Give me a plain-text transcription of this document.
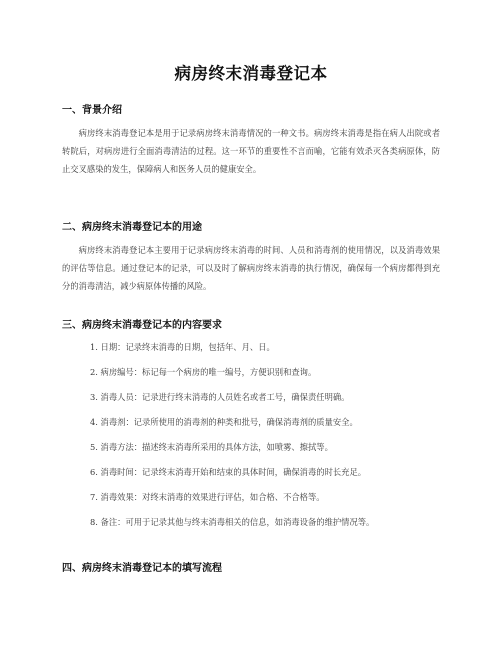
病房终末消毒登记本
一、背景介绍

病房终末消毒登记本是用于记录病房终末消毒情况的一种文书。病房终末消毒是指在病人出院或者转院后，对病房进行全面消毒清洁的过程。这一环节的重要性不言而喻，它能有效杀灭各类病原体，防止交叉感染的发生，保障病人和医务人员的健康安全。

二、病房终末消毒登记本的用途

病房终末消毒登记本主要用于记录病房终末消毒的时间、人员和消毒剂的使用情况，以及消毒效果的评估等信息。通过登记本的记录，可以及时了解病房终末消毒的执行情况，确保每一个病房都得到充分的消毒清洁，减少病原体传播的风险。

三、病房终末消毒登记本的内容要求
1. 日期：记录终末消毒的日期，包括年、月、日。
2. 病房编号：标记每一个病房的唯一编号，方便识别和查询。
3. 消毒人员：记录进行终末消毒的人员姓名或者工号，确保责任明确。
4. 消毒剂：记录所使用的消毒剂的种类和批号，确保消毒剂的质量安全。
5. 消毒方法：描述终末消毒所采用的具体方法，如喷雾、擦拭等。
6. 消毒时间：记录终末消毒开始和结束的具体时间，确保消毒的时长充足。
7. 消毒效果：对终末消毒的效果进行评估，如合格、不合格等。
8. 备注：可用于记录其他与终末消毒相关的信息，如消毒设备的维护情况等。
四、病房终末消毒登记本的填写流程
